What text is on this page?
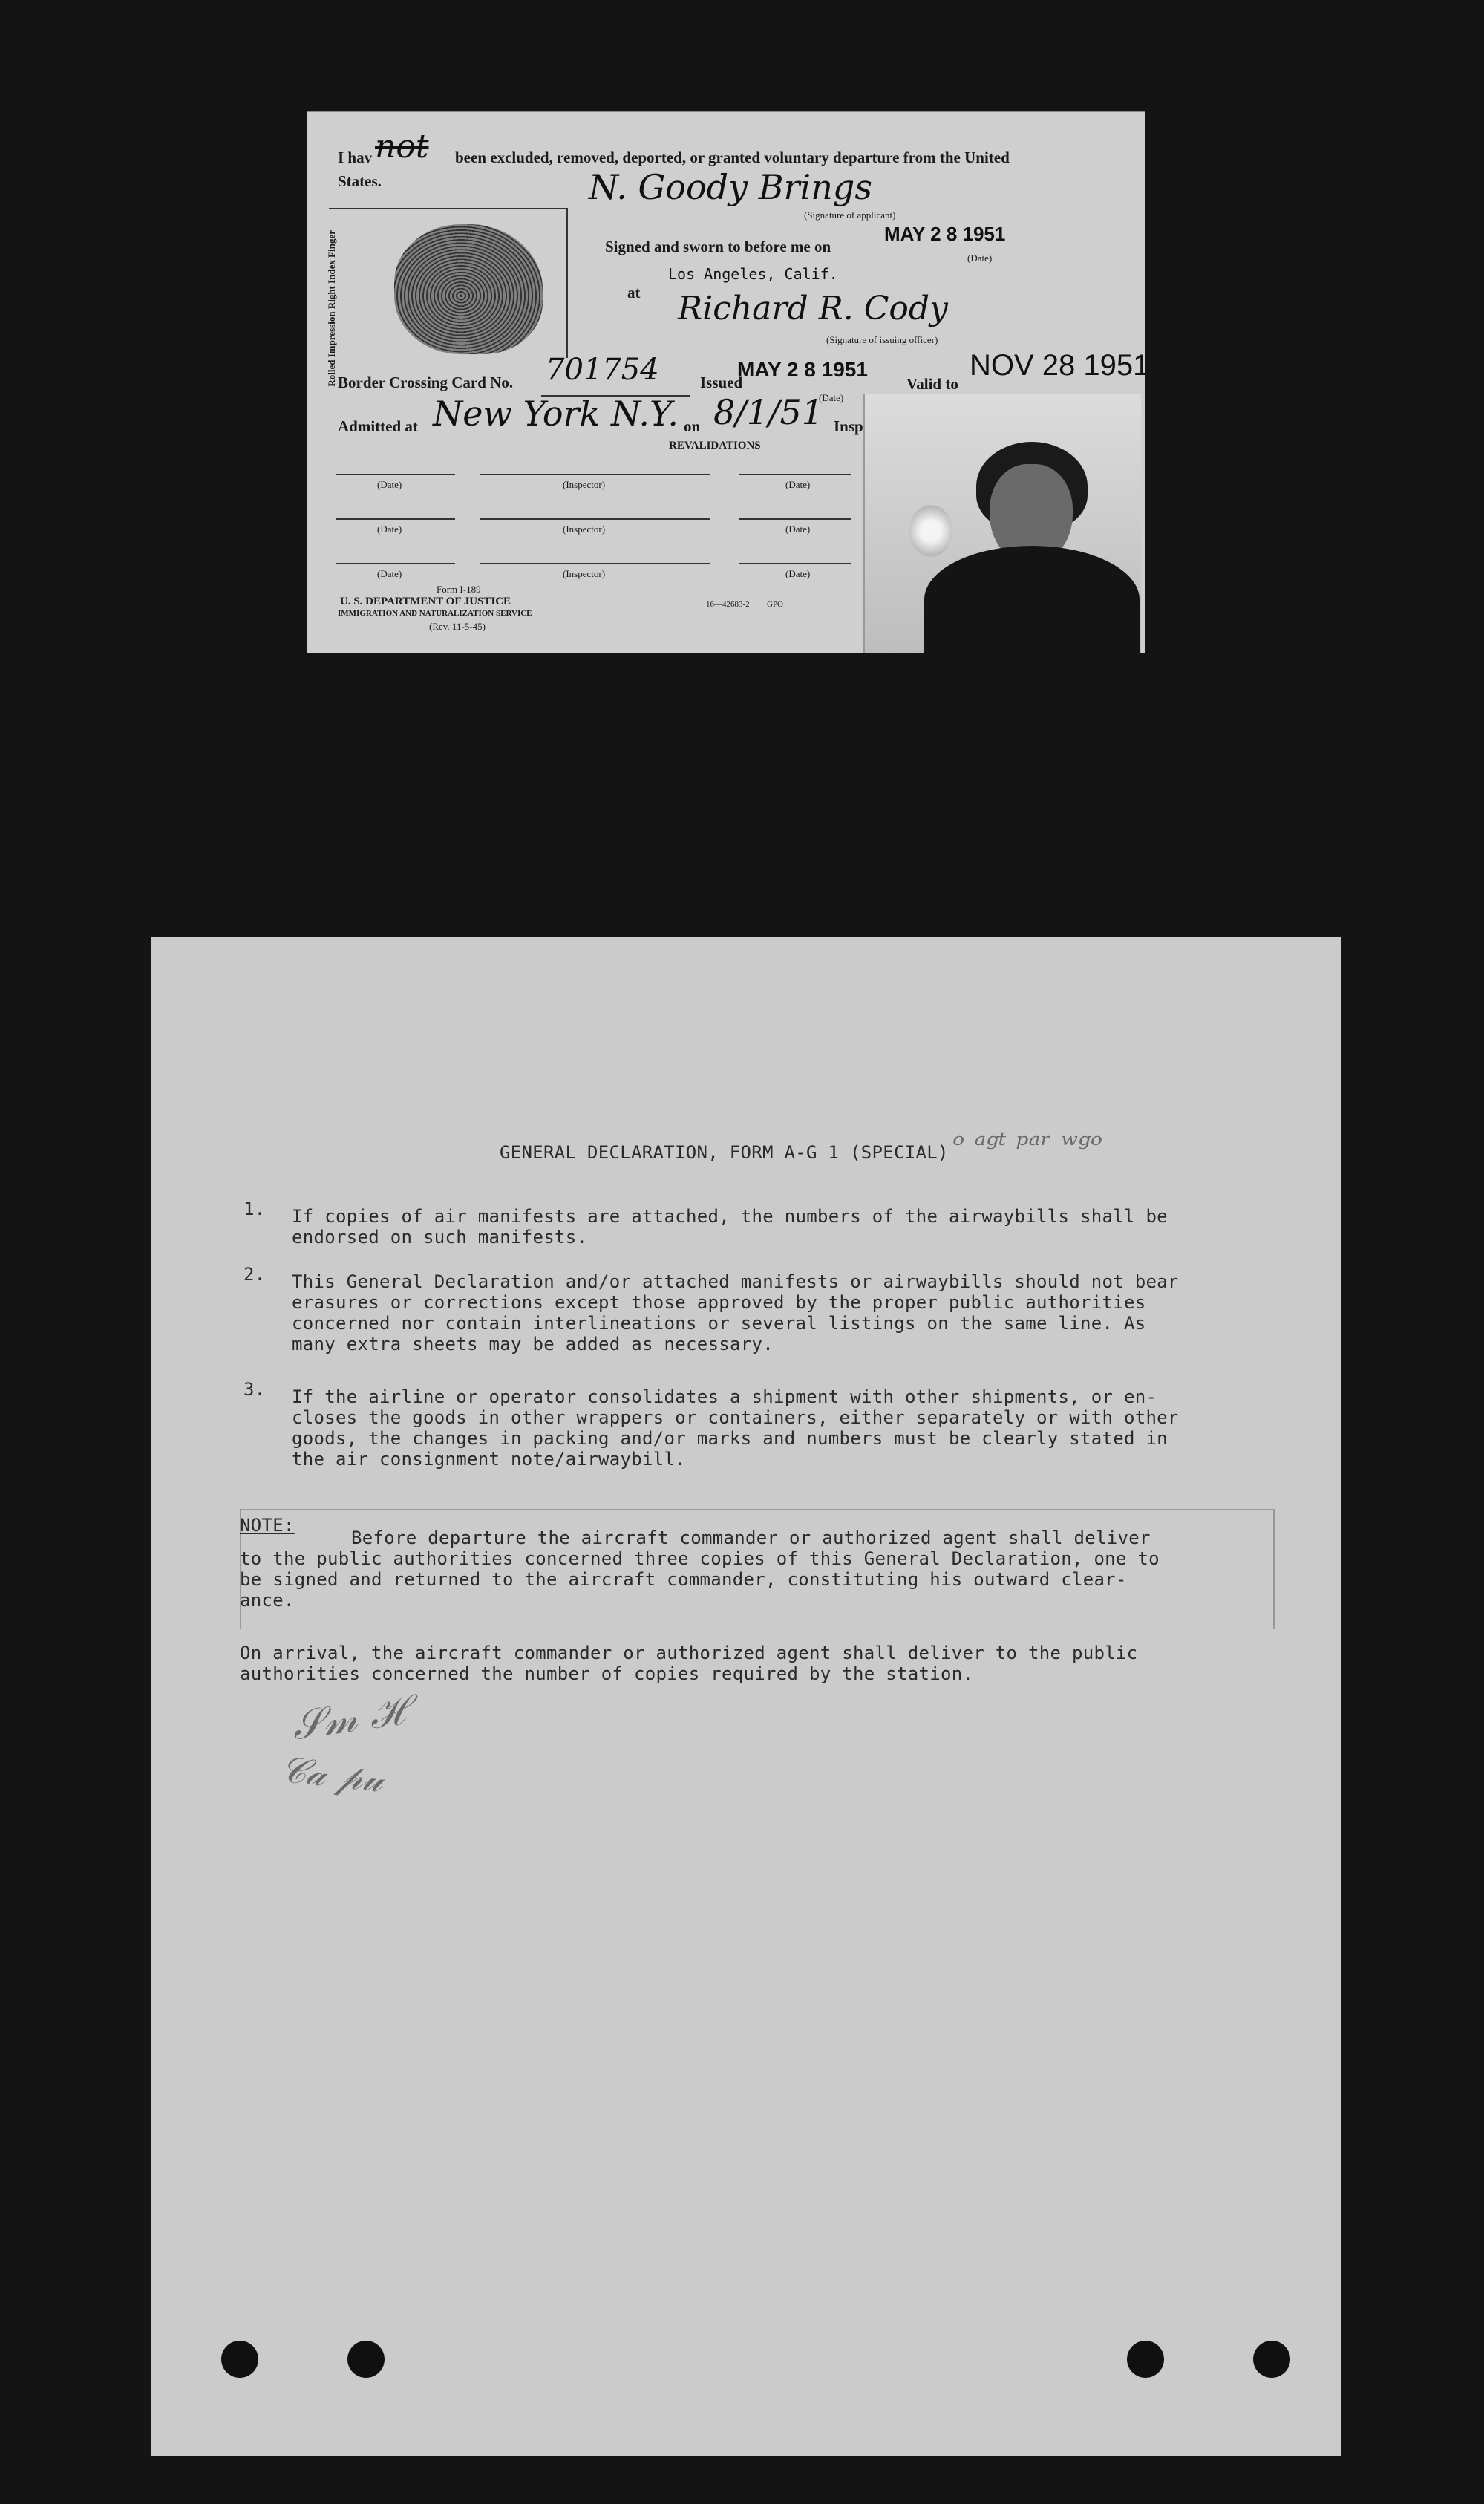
I hav not been excluded, removed, deported, or granted voluntary departure from the United
States.	N. Goody Brings
(Signature of applicant)
Rolled Impression Right Index Finger	Signed and sworn to before me on
MAY 2 8 1951
(Date)
at
Los Angeles, Calif.
Richard R. Cody
(Signature of issuing officer)
Border Crossing Card No. 701754	Issued
MAY 2 8 1951
(Date)
Valid to
NOV 28 1951
Admitted at New York N.Y. on 8/1/51 Insp
REVALIDATIONS
(Date)	(Inspector)	(Date)
(Date)	(Inspector)	(Date)
(Date)	(Inspector)	(Date)
Form I-189
U. S. DEPARTMENT OF JUSTICE
IMMIGRATION AND NATURALIZATION SERVICE
(Rev. 11-5-45)
16—42683-2 GPO
GENERAL DECLARATION, FORM A-G 1 (SPECIAL) ᵒ ᵃᵍᵗ ᵖᵃʳ ʷᵍᵒ
1. If copies of air manifests are attached, the numbers of the airwaybills shall be
endorsed on such manifests.
2. This General Declaration and/or attached manifests or airwaybills should not bear
erasures or corrections except those approved by the proper public authorities
concerned nor contain interlineations or several listings on the same line. As
many extra sheets may be added as necessary.
3. If the airline or operator consolidates a shipment with other shipments, or en-
closes the goods in other wrappers or containers, either separately or with other
goods, the changes in packing and/or marks and numbers must be clearly stated in
the air consignment note/airwaybill.
NOTE:
Before departure the aircraft commander or authorized agent shall deliver
to the public authorities concerned three copies of this General Declaration, one to
be signed and returned to the aircraft commander, constituting his outward clear-
ance.
On arrival, the aircraft commander or authorized agent shall deliver to the public
authorities concerned the number of copies required by the station.
𝒮𝓂 ℋ
𝒞𝒶 𝓅𝓊
